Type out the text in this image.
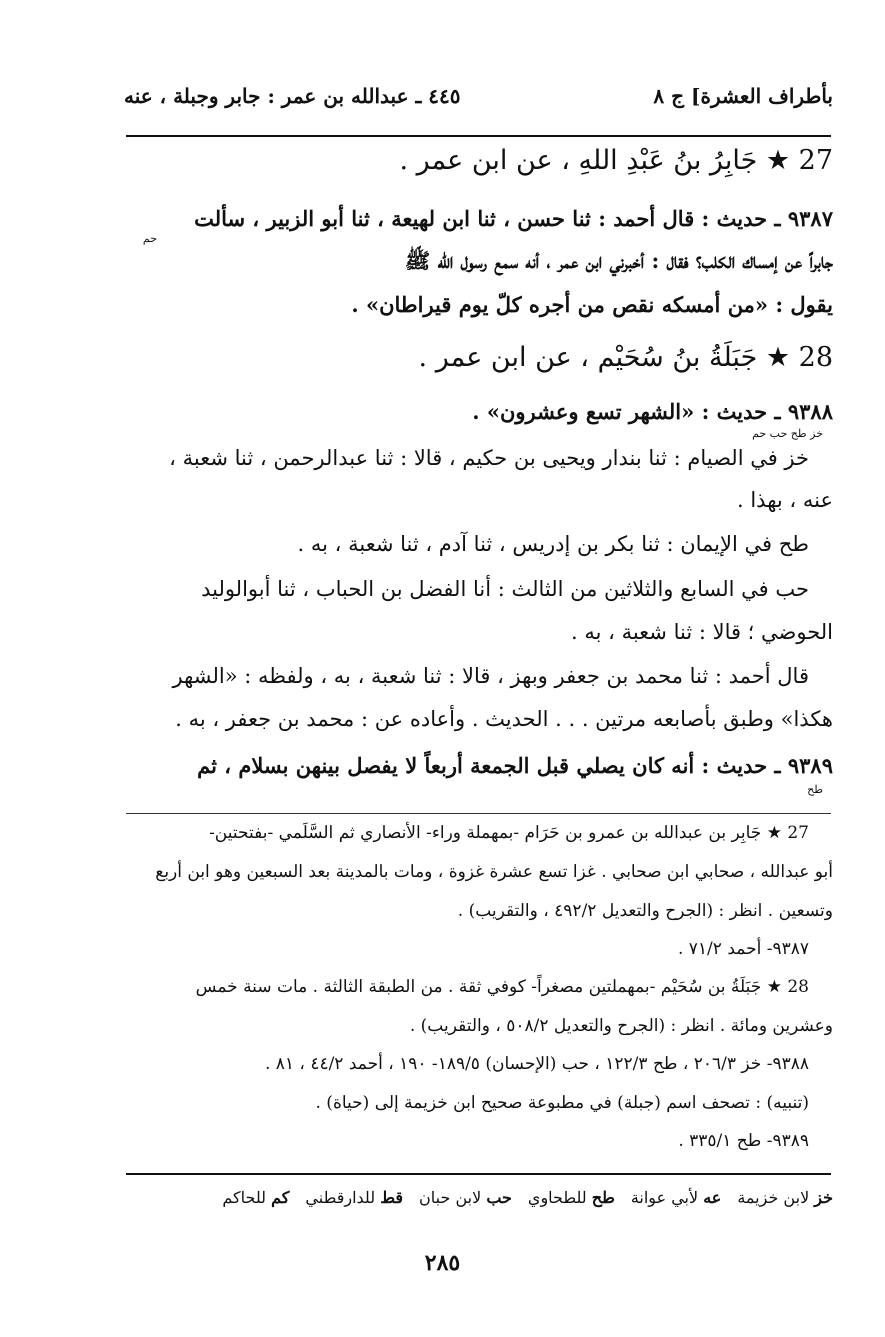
بأطراف العشرة] ج ٨
٤٤٥ ـ عبدالله بن عمر : جابر وجبلة ، عنه
27 ★ جَابِرُ بنُ عَبْدِ اللهِ ، عن ابن عمر .
٩٣٨٧ ـ حديث : قال أحمد : ثنا حسن ، ثنا ابن لهيعة ، ثنا أبو الزبير ، سألت
حم
جابراً عن إمساك الكلب؟ فقال : أخبرني ابن عمر ، أنه سمع رسول الله ﷺ
يقول : «من أمسكه نقص من أجره كلّ يوم قيراطان» .
28 ★ جَبَلَةُ بنُ سُحَيْم ، عن ابن عمر .
٩٣٨٨ ـ حديث : «الشهر تسع وعشرون» .
خز طح حب حم
خز في الصيام : ثنا بندار ويحيى بن حكيم ، قالا : ثنا عبدالرحمن ، ثنا شعبة ،
عنه ، بهذا .
طح في الإيمان : ثنا بكر بن إدريس ، ثنا آدم ، ثنا شعبة ، به .
حب في السابع والثلاثين من الثالث : أنا الفضل بن الحباب ، ثنا أبوالوليد
الحوضي ؛ قالا : ثنا شعبة ، به .
قال أحمد : ثنا محمد بن جعفر وبهز ، قالا : ثنا شعبة ، به ، ولفظه : «الشهر
هكذا» وطبق بأصابعه مرتين . . . الحديث . وأعاده عن : محمد بن جعفر ، به .
٩٣٨٩ ـ حديث : أنه كان يصلي قبل الجمعة أربعاً لا يفصل بينهن بسلام ، ثم
طح
27 ★ جَابِر بن عبدالله بن عمرو بن حَرَام -بمهملة وراء- الأنصاري ثم السَّلَمي -بفتحتين-
أبو عبدالله ، صحابي ابن صحابي . غزا تسع عشرة غزوة ، ومات بالمدينة بعد السبعين وهو ابن أربع
وتسعين . انظر : (الجرح والتعديل ٤٩٢/٢ ، والتقريب) .
٩٣٨٧- أحمد ٧١/٢ .
28 ★ جَبَلَةُ بن سُحَيْم -بمهملتين مصغراً- كوفي ثقة . من الطبقة الثالثة . مات سنة خمس
وعشرين ومائة . انظر : (الجرح والتعديل ٥٠٨/٢ ، والتقريب) .
٩٣٨٨- خز ٢٠٦/٣ ، طح ١٢٢/٣ ، حب (الإحسان) ١٨٩/٥- ١٩٠ ، أحمد ٤٤/٢ ، ٨١ .
(تنبيه) : تصحف اسم (جبلة) في مطبوعة صحيح ابن خزيمة إلى (حياة) .
٩٣٨٩- طح ٣٣٥/١ .
خز لابن خزيمة
عه لأبي عوانة
طح للطحاوي
حب لابن حبان
قط للدارقطني
كم للحاكم
٢٨٥
